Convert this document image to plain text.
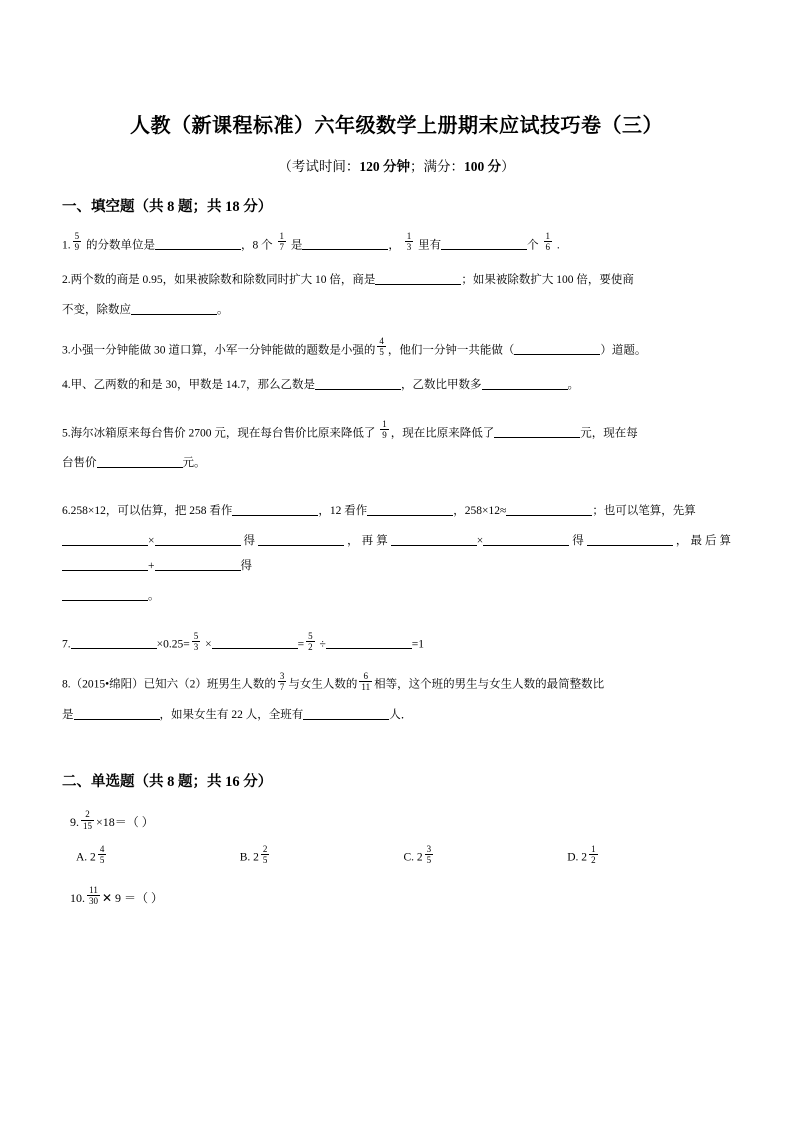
人教（新课程标准）六年级数学上册期末应试技巧卷（三）
（考试时间：120 分钟；满分：100 分）
一、填空题（共 8 题；共 18 分）

1. $\frac{5}{9}$ 的分数单位是	，8 个 $\frac{1}{7}$ 是	， $\frac{1}{3}$ 里有	个 $\frac{1}{6}$ .

2.两个数的商是 0.95，如果被除数和除数同时扩大 10 倍，商是	；如果被除数扩大 100 倍，要使商

不变，除数应	。

3.小强一分钟能做 30 道口算，小军一分钟能做的题数是小强的 $\frac{4}{5}$ ，他们一分钟一共能做（	）道题。

4.甲、乙两数的和是 30，甲数是 14.7，那么乙数是	，乙数比甲数多	。

5.海尔冰箱原来每台售价 2700 元，现在每台售价比原来降低了 $\frac{1}{9}$ ，现在比原来降低了	元，现在每

台售价	元。

6.258×12，可以估算，把 258 看作	，12 看作	，258×12≈	；也可以笔算，先算

×	得	，再算	×	得	，最后算+	得

。

7.	$\times 0.25= \frac{5}{3}$ ×	= $\frac{5}{2}$ ÷	=1

8.（2015•绵阳）已知六（2）班男生人数的 $\frac{3}{7}$ 与女生人数的 $\frac{6}{11}$ 相等，这个班的男生与女生人数的最简整数比

是	，如果女生有 22 人，全班有	人．

二、单选题（共 8 题；共 16 分）

9. $\frac{2}{15} \times 18=$（ ）

A. $2 \frac{4}{5}$	B. $2 \frac{2}{5}$	C. $2 \frac{3}{5}$	D. $2 \frac{1}{2}$

10. $\frac{11}{30}$ ✕ 9 ＝（ ）
